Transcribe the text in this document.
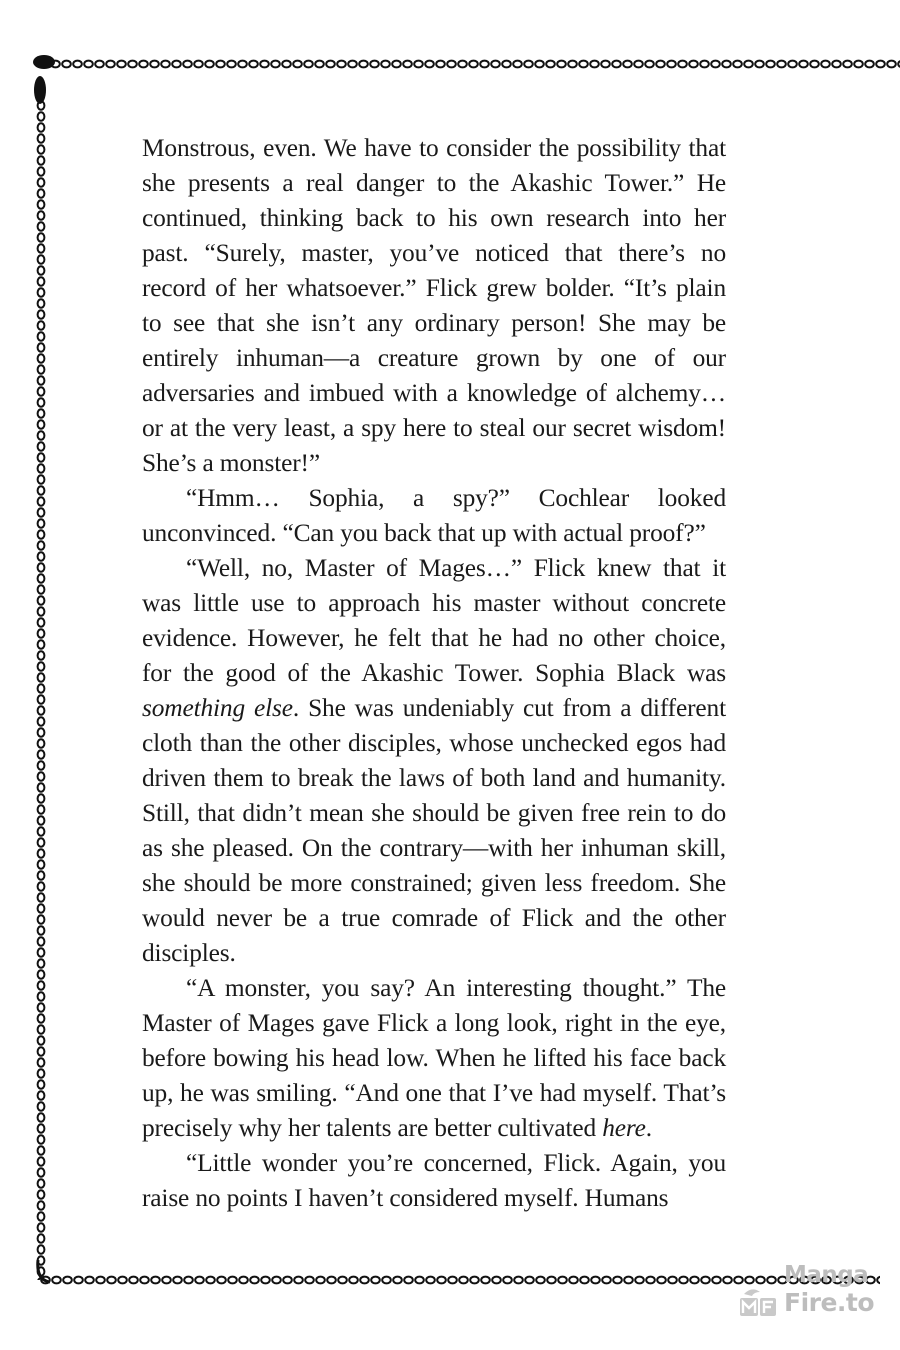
Monstrous, even. We have to consider the possibility that she presents a real danger to the Akashic Tower.” He continued, thinking back to his own research into her past. “Surely, master, you’ve noticed that there’s no record of her whatsoever.” Flick grew bolder. “It’s plain to see that she isn’t any ordinary person! She may be entirely inhuman—a creature grown by one of our adversaries and imbued with a knowledge of alchemy… or at the very least, a spy here to steal our secret wisdom! She’s a monster!”

“Hmm… Sophia, a spy?” Cochlear looked unconvinced. “Can you back that up with actual proof?”

“Well, no, Master of Mages…” Flick knew that it was little use to approach his master without concrete evidence. However, he felt that he had no other choice, for the good of the Akashic Tower. Sophia Black was something else. She was undeniably cut from a different cloth than the other disciples, whose unchecked egos had driven them to break the laws of both land and humanity. Still, that didn’t mean she should be given free rein to do as she pleased. On the contrary—with her inhuman skill, she should be more constrained; given less freedom. She would never be a true comrade of Flick and the other disciples.

“A monster, you say? An interesting thought.” The Master of Mages gave Flick a long look, right in the eye, before bowing his head low. When he lifted his face back up, he was smiling. “And one that I’ve had myself. That’s precisely why her talents are better cultivated here.

“Little wonder you’re concerned, Flick. Again, you raise no points I haven’t considered myself. Humans

Manga
Fire.to
